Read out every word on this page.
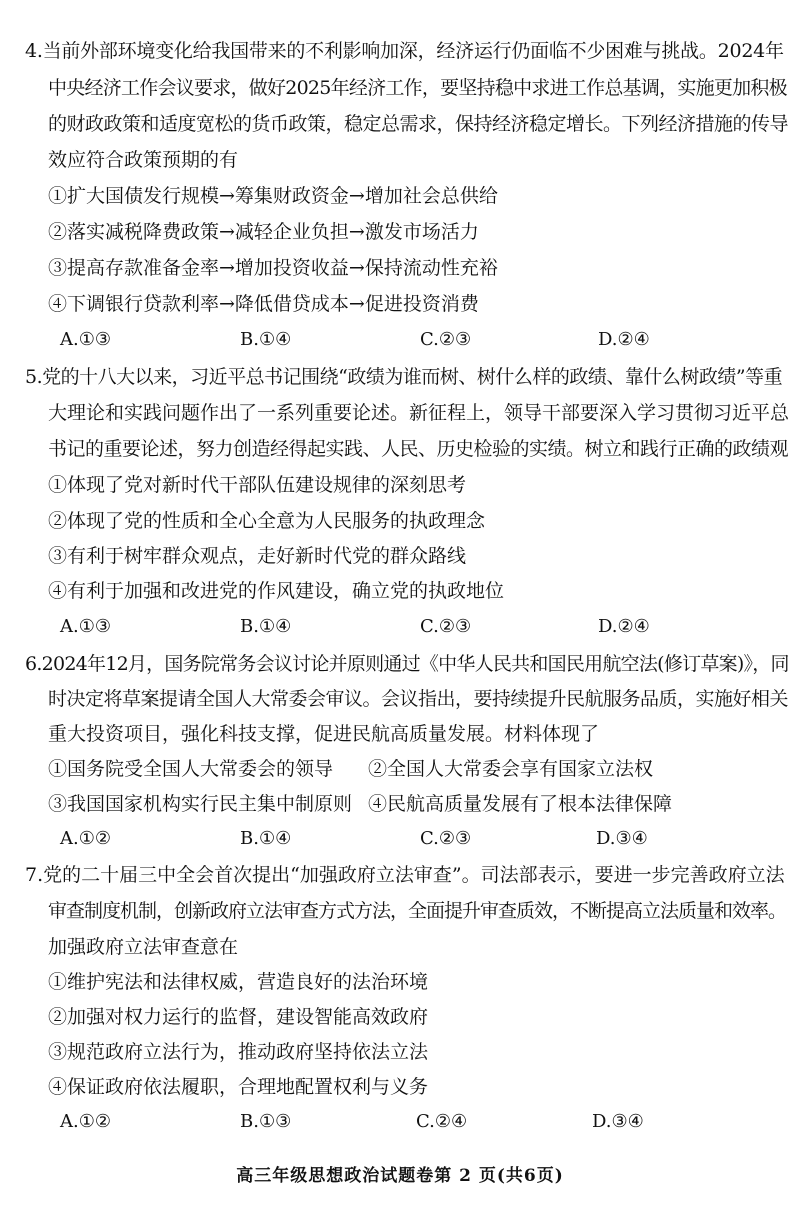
4.当前外部环境变化给我国带来的不利影响加深，经济运行仍面临不少困难与挑战。2024年
中央经济工作会议要求，做好2025年经济工作，要坚持稳中求进工作总基调，实施更加积极
的财政政策和适度宽松的货币政策，稳定总需求，保持经济稳定增长。下列经济措施的传导
效应符合政策预期的有
①扩大国债发行规模→筹集财政资金→增加社会总供给
②落实减税降费政策→减轻企业负担→激发市场活力
③提高存款准备金率→增加投资收益→保持流动性充裕
④下调银行贷款利率→降低借贷成本→促进投资消费
A.①③	B.①④	C.②③	D.②④
5.党的十八大以来，习近平总书记围绕“政绩为谁而树、树什么样的政绩、靠什么树政绩”等重
大理论和实践问题作出了一系列重要论述。新征程上，领导干部要深入学习贯彻习近平总
书记的重要论述，努力创造经得起实践、人民、历史检验的实绩。树立和践行正确的政绩观
①体现了党对新时代干部队伍建设规律的深刻思考
②体现了党的性质和全心全意为人民服务的执政理念
③有利于树牢群众观点，走好新时代党的群众路线
④有利于加强和改进党的作风建设，确立党的执政地位
A.①③	B.①④	C.②③	D.②④
6.2024年12月，国务院常务会议讨论并原则通过《中华人民共和国民用航空法(修订草案)》，同
时决定将草案提请全国人大常委会审议。会议指出，要持续提升民航服务品质，实施好相关
重大投资项目，强化科技支撑，促进民航高质量发展。材料体现了
①国务院受全国人大常委会的领导 ②全国人大常委会享有国家立法权
③我国国家机构实行民主集中制原则 ④民航高质量发展有了根本法律保障
A.①②	B.①④	C.②③	D.③④
7.党的二十届三中全会首次提出“加强政府立法审查”。司法部表示，要进一步完善政府立法
审查制度机制，创新政府立法审查方式方法，全面提升审查质效，不断提高立法质量和效率。
加强政府立法审查意在
①维护宪法和法律权威，营造良好的法治环境
②加强对权力运行的监督，建设智能高效政府
③规范政府立法行为，推动政府坚持依法立法
④保证政府依法履职，合理地配置权利与义务
A.①②	B.①③	C.②④	D.③④
高三年级思想政治试题卷第 2 页(共6页)
